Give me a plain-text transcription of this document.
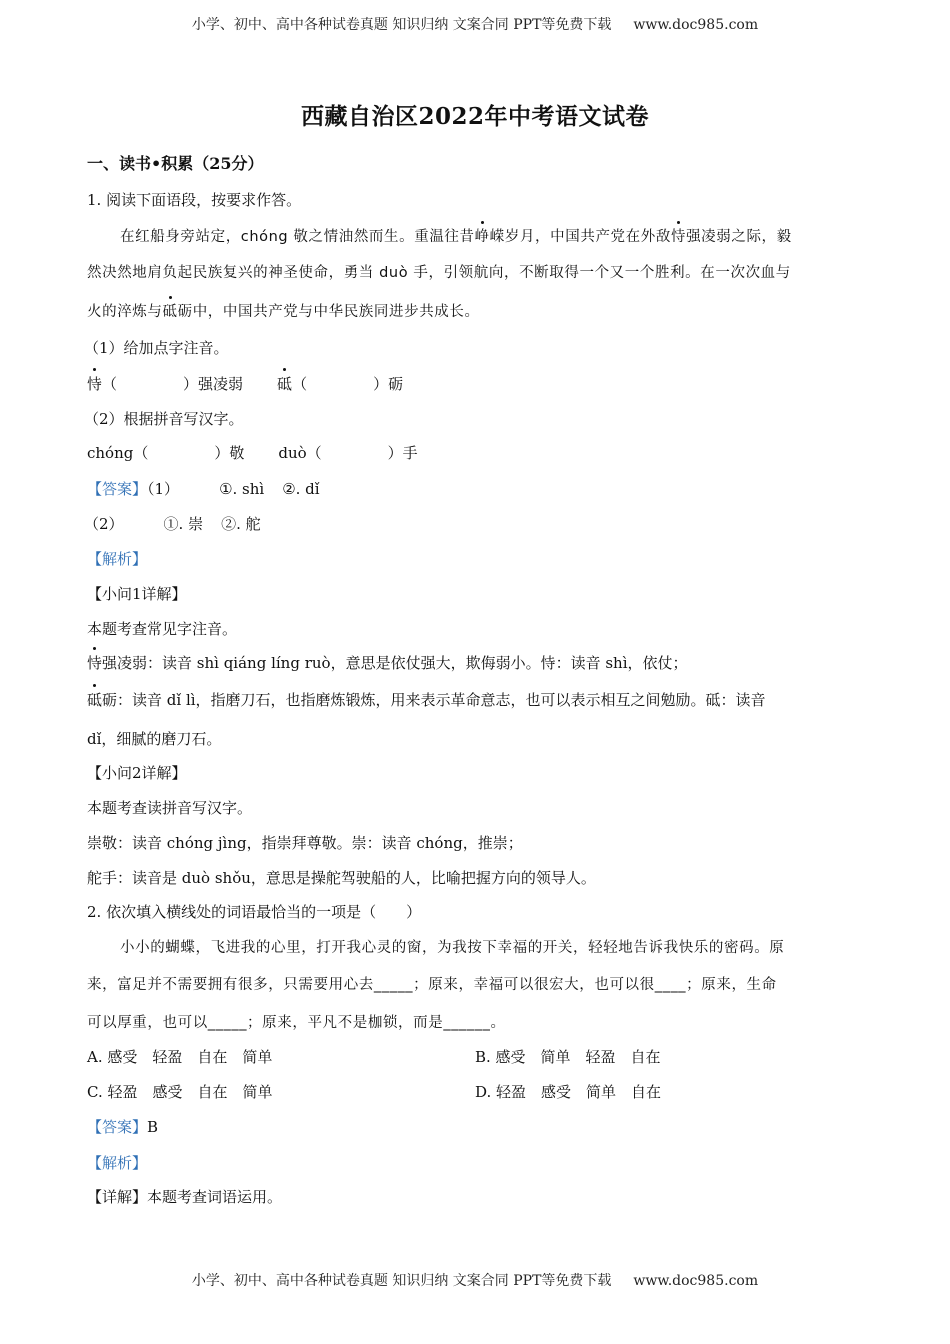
小学、初中、高中各种试卷真题 知识归纳 文案合同 PPT等免费下载 www.doc985.com
西藏自治区2022年中考语文试卷
一、读书•积累（25分）
1. 阅读下面语段，按要求作答。
在红船身旁站定，chóng 敬之情油然而生。重温往昔峥嵘岁月，中国共产党在外敌恃强凌弱之际，毅
然决然地肩负起民族复兴的神圣使命，勇当 duò 手，引领航向，不断取得一个又一个胜利。在一次次血与
火的淬炼与砥砺中，中国共产党与中华民族同进步共成长。
（1）给加点字注音。
恃（	）强凌弱 砥（	）砺
（2）根据拼音写汉字。
chóng（	）敬 duò（	）手
【答案】（1）	①. shì ②. dǐ
（2）	①. 崇 ②. 舵
【解析】
【小问1详解】
本题考查常见字注音。
恃强凌弱：读音 shì qiáng líng ruò，意思是依仗强大，欺侮弱小。恃：读音 shì，依仗；
砥砺：读音 dǐ lì，指磨刀石，也指磨炼锻炼，用来表示革命意志，也可以表示相互之间勉励。砥：读音
dǐ，细腻的磨刀石。
【小问2详解】
本题考查读拼音写汉字。
崇敬：读音 chóng jìng，指崇拜尊敬。崇：读音 chóng，推崇；
舵手：读音是 duò shǒu，意思是操舵驾驶船的人，比喻把握方向的领导人。
2. 依次填入横线处的词语最恰当的一项是（　　）
小小的蝴蝶，飞进我的心里，打开我心灵的窗，为我按下幸福的开关，轻轻地告诉我快乐的密码。原
来，富足并不需要拥有很多，只需要用心去_____；原来，幸福可以很宏大，也可以很____；原来，生命
可以厚重，也可以_____；原来，平凡不是枷锁，而是______。
A. 感受　轻盈　自在　简单	B. 感受　简单　轻盈　自在
C. 轻盈　感受　自在　简单	D. 轻盈　感受　简单　自在
【答案】B
【解析】
【详解】本题考查词语运用。
小学、初中、高中各种试卷真题 知识归纳 文案合同 PPT等免费下载 www.doc985.com
